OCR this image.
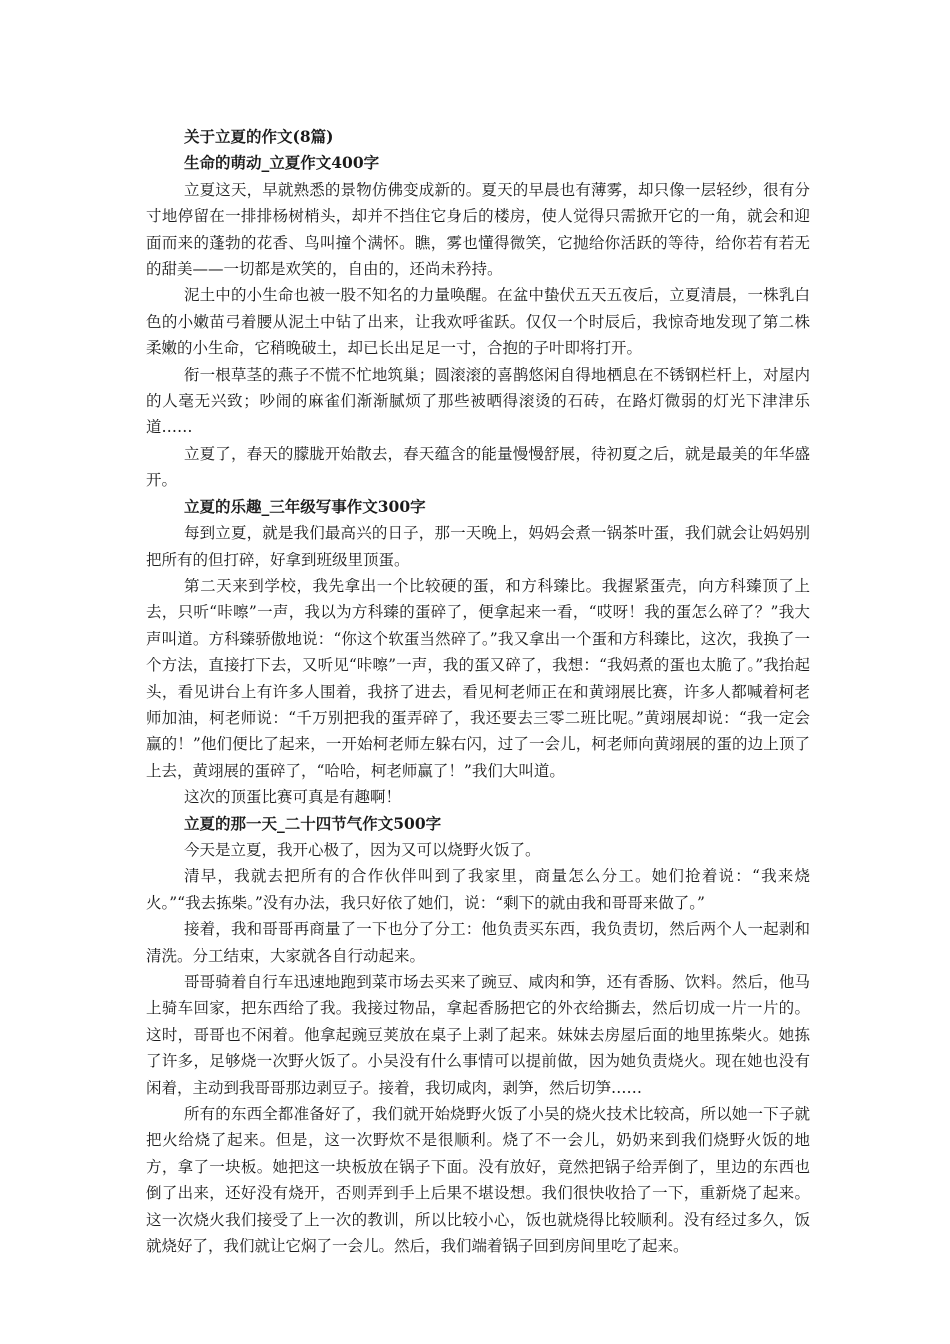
关于立夏的作文(8篇)
生命的萌动_立夏作文400字

立夏这天，早就熟悉的景物仿佛变成新的。夏天的早晨也有薄雾，却只像一层轻纱，很有分寸地停留在一排排杨树梢头，却并不挡住它身后的楼房，使人觉得只需掀开它的一角，就会和迎面而来的蓬勃的花香、鸟叫撞个满怀。瞧，雾也懂得微笑，它抛给你活跃的等待，给你若有若无的甜美——一切都是欢笑的，自由的，还尚未矜持。

泥土中的小生命也被一股不知名的力量唤醒。在盆中蛰伏五天五夜后，立夏清晨，一株乳白色的小嫩苗弓着腰从泥土中钻了出来，让我欢呼雀跃。仅仅一个时辰后，我惊奇地发现了第二株柔嫩的小生命，它稍晚破土，却已长出足足一寸，合抱的子叶即将打开。

衔一根草茎的燕子不慌不忙地筑巢；圆滚滚的喜鹊悠闲自得地栖息在不锈钢栏杆上，对屋内的人毫无兴致；吵闹的麻雀们渐渐腻烦了那些被晒得滚烫的石砖，在路灯微弱的灯光下津津乐道……

立夏了，春天的朦胧开始散去，春天蕴含的能量慢慢舒展，待初夏之后，就是最美的年华盛开。

立夏的乐趣_三年级写事作文300字

每到立夏，就是我们最高兴的日子，那一天晚上，妈妈会煮一锅茶叶蛋，我们就会让妈妈别把所有的但打碎，好拿到班级里顶蛋。

第二天来到学校，我先拿出一个比较硬的蛋，和方科臻比。我握紧蛋壳，向方科臻顶了上去，只听“咔嚓”一声，我以为方科臻的蛋碎了，便拿起来一看，“哎呀！我的蛋怎么碎了？”我大声叫道。方科臻骄傲地说：“你这个软蛋当然碎了。”我又拿出一个蛋和方科臻比，这次，我换了一个方法，直接打下去，又听见“咔嚓”一声，我的蛋又碎了，我想：“我妈煮的蛋也太脆了。”我抬起头，看见讲台上有许多人围着，我挤了进去，看见柯老师正在和黄翊展比赛，许多人都喊着柯老师加油，柯老师说：“千万别把我的蛋弄碎了，我还要去三零二班比呢。”黄翊展却说：“我一定会赢的！”他们便比了起来，一开始柯老师左躲右闪，过了一会儿，柯老师向黄翊展的蛋的边上顶了上去，黄翊展的蛋碎了，“哈哈，柯老师赢了！”我们大叫道。

这次的顶蛋比赛可真是有趣啊！

立夏的那一天_二十四节气作文500字

今天是立夏，我开心极了，因为又可以烧野火饭了。

清早，我就去把所有的合作伙伴叫到了我家里，商量怎么分工。她们抢着说：“我来烧火。”“我去拣柴。”没有办法，我只好依了她们，说：“剩下的就由我和哥哥来做了。”

接着，我和哥哥再商量了一下也分了分工：他负责买东西，我负责切，然后两个人一起剥和清洗。分工结束，大家就各自行动起来。

哥哥骑着自行车迅速地跑到菜市场去买来了豌豆、咸肉和笋，还有香肠、饮料。然后，他马上骑车回家，把东西给了我。我接过物品，拿起香肠把它的外衣给撕去，然后切成一片一片的。这时，哥哥也不闲着。他拿起豌豆荚放在桌子上剥了起来。妹妹去房屋后面的地里拣柴火。她拣了许多，足够烧一次野火饭了。小吴没有什么事情可以提前做，因为她负责烧火。现在她也没有闲着，主动到我哥哥那边剥豆子。接着，我切咸肉，剥笋，然后切笋……

所有的东西全都准备好了，我们就开始烧野火饭了小吴的烧火技术比较高，所以她一下子就把火给烧了起来。但是，这一次野炊不是很顺利。烧了不一会儿，奶奶来到我们烧野火饭的地方，拿了一块板。她把这一块板放在锅子下面。没有放好，竟然把锅子给弄倒了，里边的东西也倒了出来，还好没有烧开，否则弄到手上后果不堪设想。我们很快收拾了一下，重新烧了起来。这一次烧火我们接受了上一次的教训，所以比较小心，饭也就烧得比较顺利。没有经过多久，饭就烧好了，我们就让它焖了一会儿。然后，我们端着锅子回到房间里吃了起来。
